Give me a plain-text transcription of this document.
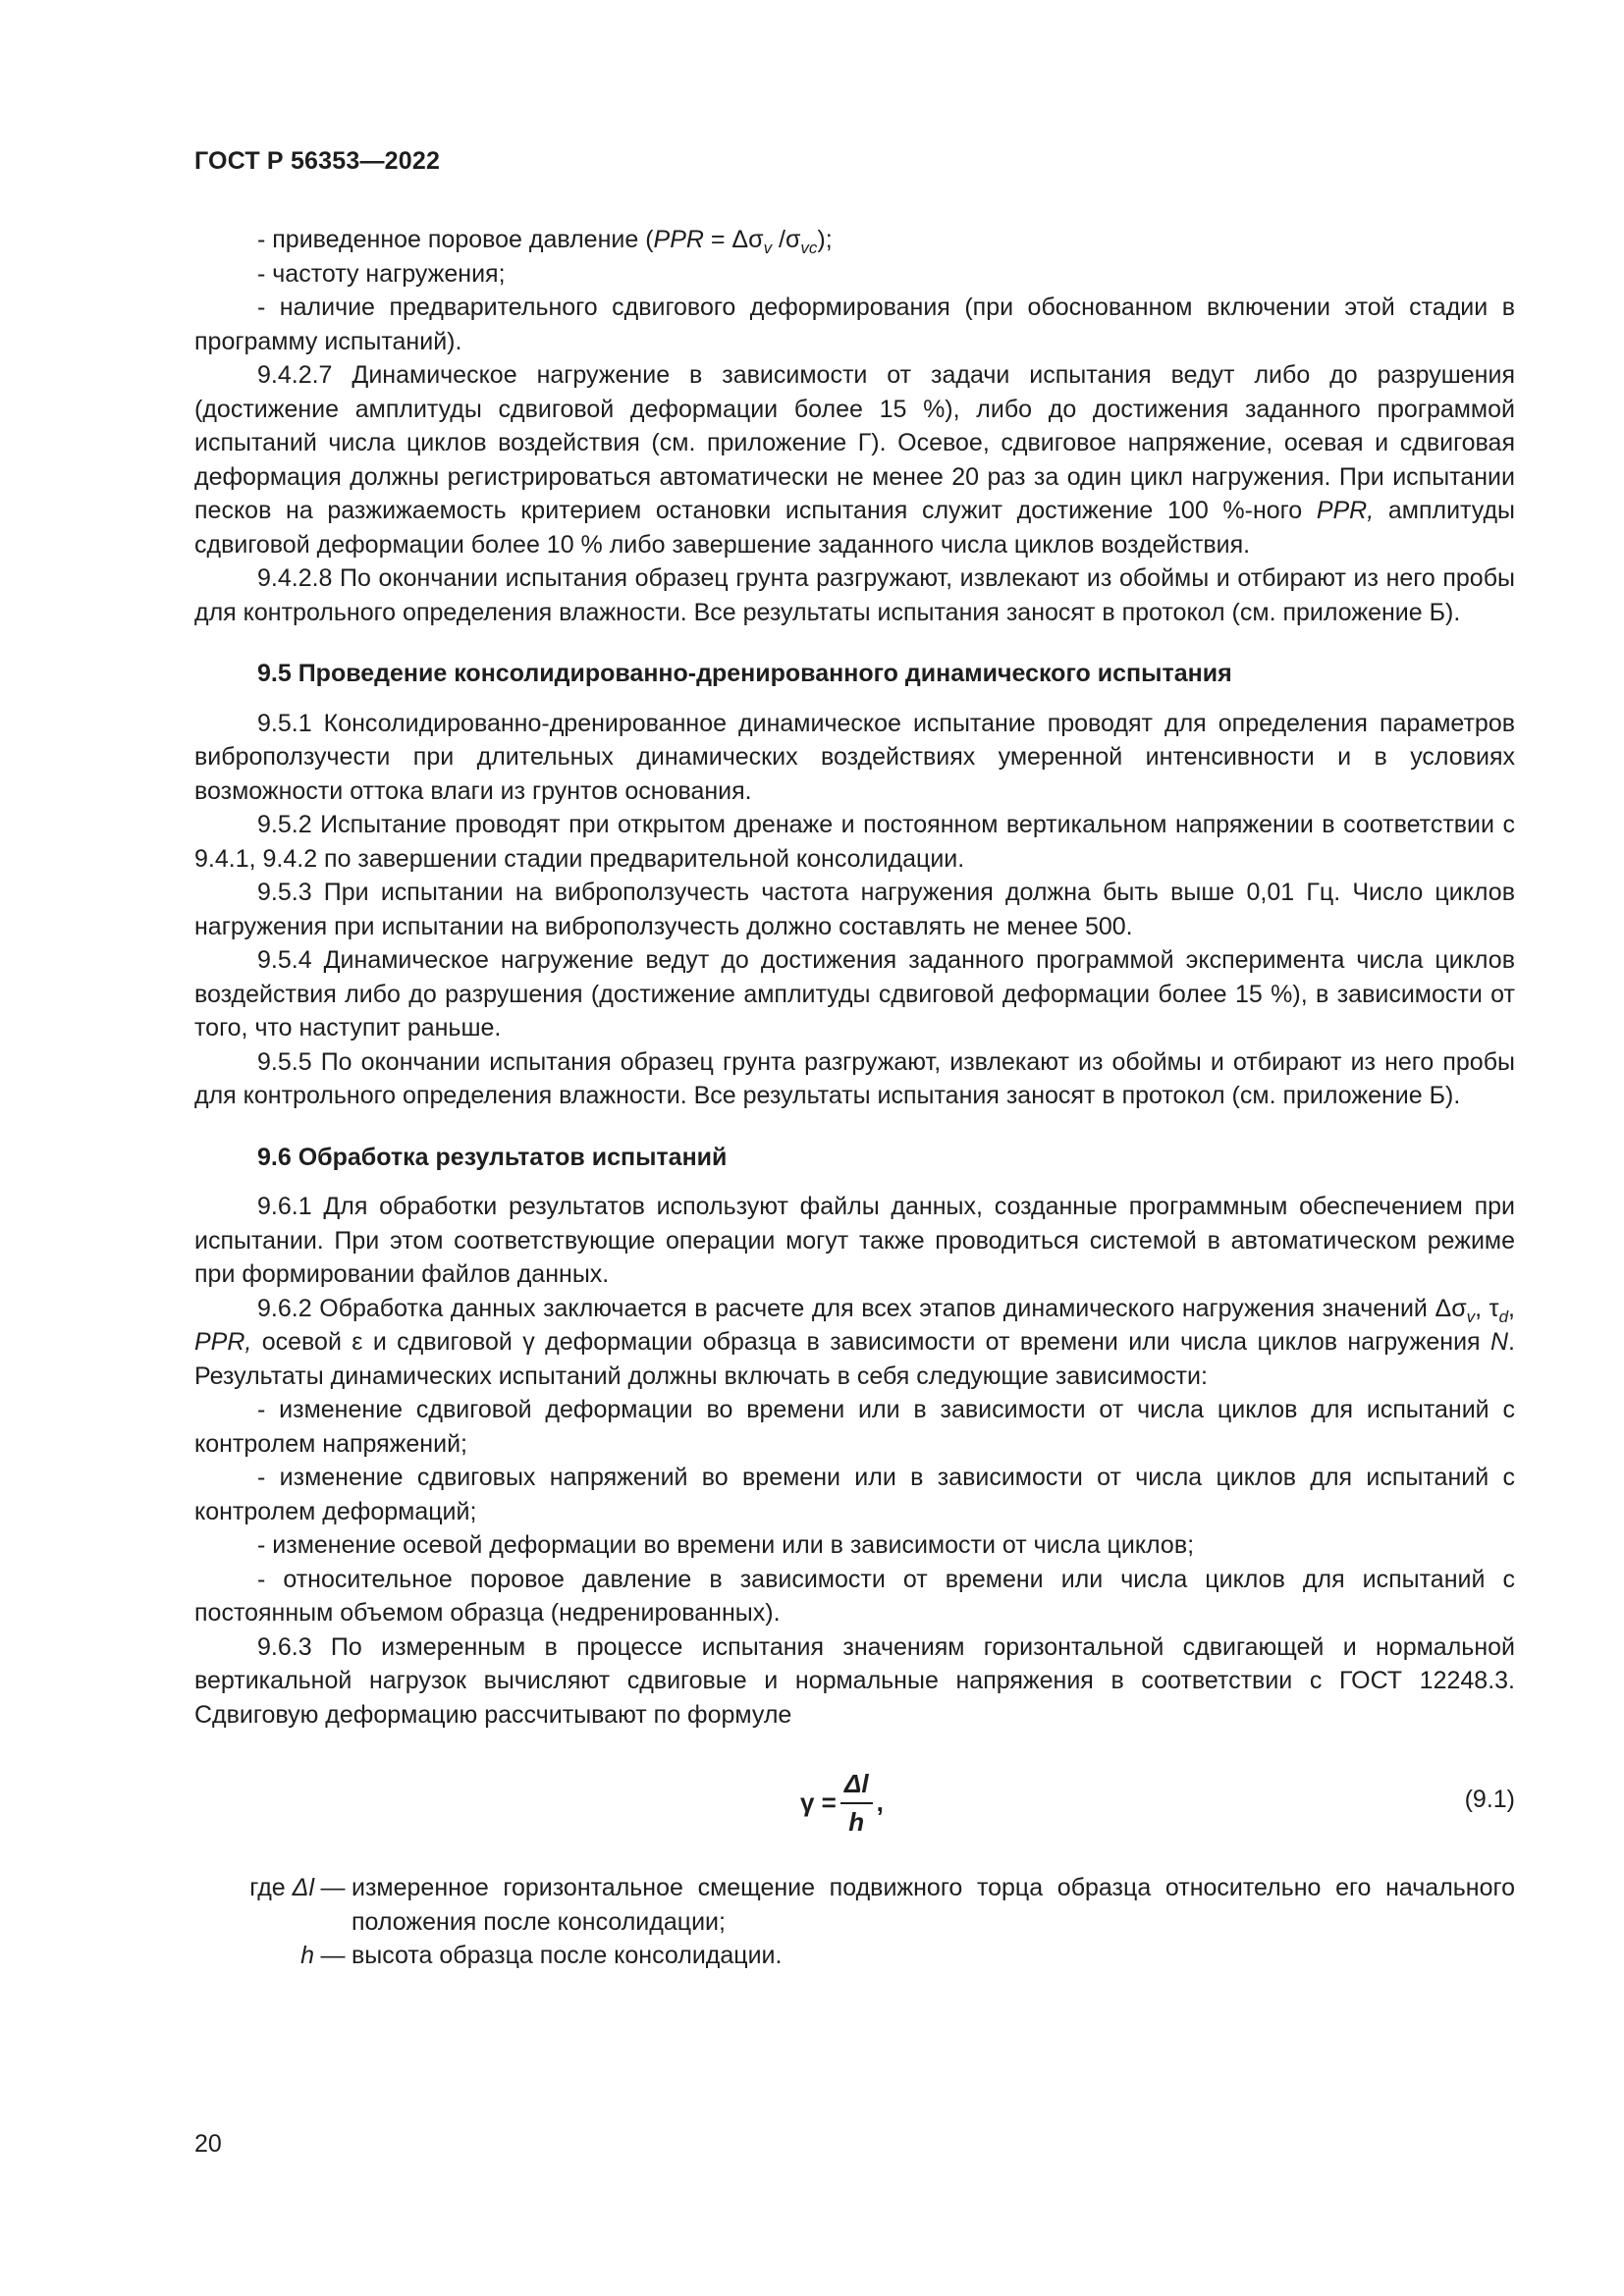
ГОСТ Р 56353—2022

- приведенное поровое давление ($PPR = \Delta\sigma_v$ $/\sigma_{vc}$);

- частоту нагружения;

- наличие предварительного сдвигового деформирования (при обоснованном включении этой стадии в программу испытаний).

9.4.2.7 Динамическое нагружение в зависимости от задачи испытания ведут либо до разрушения (достижение амплитуды сдвиговой деформации более 15 %), либо до достижения заданного программой испытаний числа циклов воздействия (см. приложение Г). Осевое, сдвиговое напряжение, осевая и сдвиговая деформация должны регистрироваться автоматически не менее 20 раз за один цикл нагружения. При испытании песков на разжижаемость критерием остановки испытания служит достижение 100 %-ного PPR, амплитуды сдвиговой деформации более 10 % либо завершение заданного числа циклов воздействия.

9.4.2.8 По окончании испытания образец грунта разгружают, извлекают из обоймы и отбирают из него пробы для контрольного определения влажности. Все результаты испытания заносят в протокол (см. приложение Б).

9.5 Проведение консолидированно-дренированного динамического испытания

9.5.1 Консолидированно-дренированное динамическое испытание проводят для определения параметров виброползучести при длительных динамических воздействиях умеренной интенсивности и в условиях возможности оттока влаги из грунтов основания.

9.5.2 Испытание проводят при открытом дренаже и постоянном вертикальном напряжении в соответствии с 9.4.1, 9.4.2 по завершении стадии предварительной консолидации.

9.5.3 При испытании на виброползучесть частота нагружения должна быть выше 0,01 Гц. Число циклов нагружения при испытании на виброползучесть должно составлять не менее 500.

9.5.4 Динамическое нагружение ведут до достижения заданного программой эксперимента числа циклов воздействия либо до разрушения (достижение амплитуды сдвиговой деформации более 15 %), в зависимости от того, что наступит раньше.

9.5.5 По окончании испытания образец грунта разгружают, извлекают из обоймы и отбирают из него пробы для контрольного определения влажности. Все результаты испытания заносят в протокол (см. приложение Б).

9.6 Обработка результатов испытаний

9.6.1 Для обработки результатов используют файлы данных, созданные программным обеспечением при испытании. При этом соответствующие операции могут также проводиться системой в автоматическом режиме при формировании файлов данных.

9.6.2 Обработка данных заключается в расчете для всех этапов динамического нагружения значений $\Delta\sigma_v$, $\tau_d$, PPR, осевой ε и сдвиговой γ деформации образца в зависимости от времени или числа циклов нагружения N. Результаты динамических испытаний должны включать в себя следующие зависимости:

- изменение сдвиговой деформации во времени или в зависимости от числа циклов для испытаний с контролем напряжений;

- изменение сдвиговых напряжений во времени или в зависимости от числа циклов для испытаний с контролем деформаций;

- изменение осевой деформации во времени или в зависимости от числа циклов;

- относительное поровое давление в зависимости от времени или числа циклов для испытаний с постоянным объемом образца (недренированных).

9.6.3 По измеренным в процессе испытания значениям горизонтальной сдвигающей и нормальной вертикальной нагрузок вычисляют сдвиговые и нормальные напряжения в соответствии с ГОСТ 12248.3. Сдвиговую деформацию рассчитывают по формуле

$\gamma = \frac{\Delta l}{h}$ ,	(9.1)
где Δl — измеренное горизонтальное смещение подвижного торца образца относительно его начального положения после консолидации;
h — высота образца после консолидации.
20
